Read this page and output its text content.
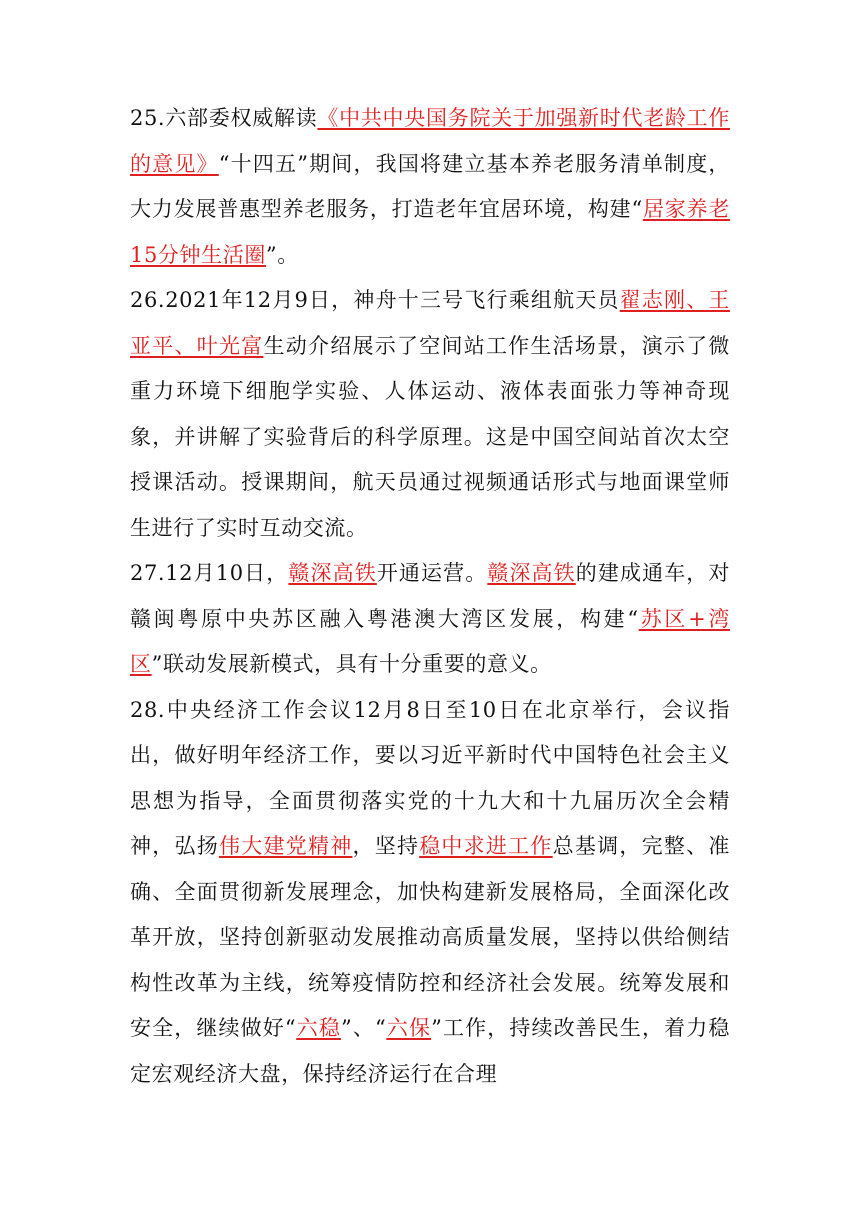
25.六部委权威解读《中共中央国务院关于加强新时代老龄工作的意见》“十四五”期间，我国将建立基本养老服务清单制度，大力发展普惠型养老服务，打造老年宜居环境，构建“居家养老15分钟生活圈”。

26.2021年12月9日，神舟十三号飞行乘组航天员翟志刚、王亚平、叶光富生动介绍展示了空间站工作生活场景，演示了微重力环境下细胞学实验、人体运动、液体表面张力等神奇现象，并讲解了实验背后的科学原理。这是中国空间站首次太空授课活动。授课期间，航天员通过视频通话形式与地面课堂师生进行了实时互动交流。

27.12月10日，赣深高铁开通运营。赣深高铁的建成通车，对赣闽粤原中央苏区融入粤港澳大湾区发展，构建“苏区+湾区”联动发展新模式，具有十分重要的意义。

28.中央经济工作会议12月8日至10日在北京举行，会议指出，做好明年经济工作，要以习近平新时代中国特色社会主义思想为指导，全面贯彻落实党的十九大和十九届历次全会精神，弘扬伟大建党精神，坚持稳中求进工作总基调，完整、准确、全面贯彻新发展理念，加快构建新发展格局，全面深化改革开放，坚持创新驱动发展推动高质量发展，坚持以供给侧结构性改革为主线，统筹疫情防控和经济社会发展。统筹发展和安全，继续做好“六稳”、“六保”工作，持续改善民生，着力稳定宏观经济大盘，保持经济运行在合理
